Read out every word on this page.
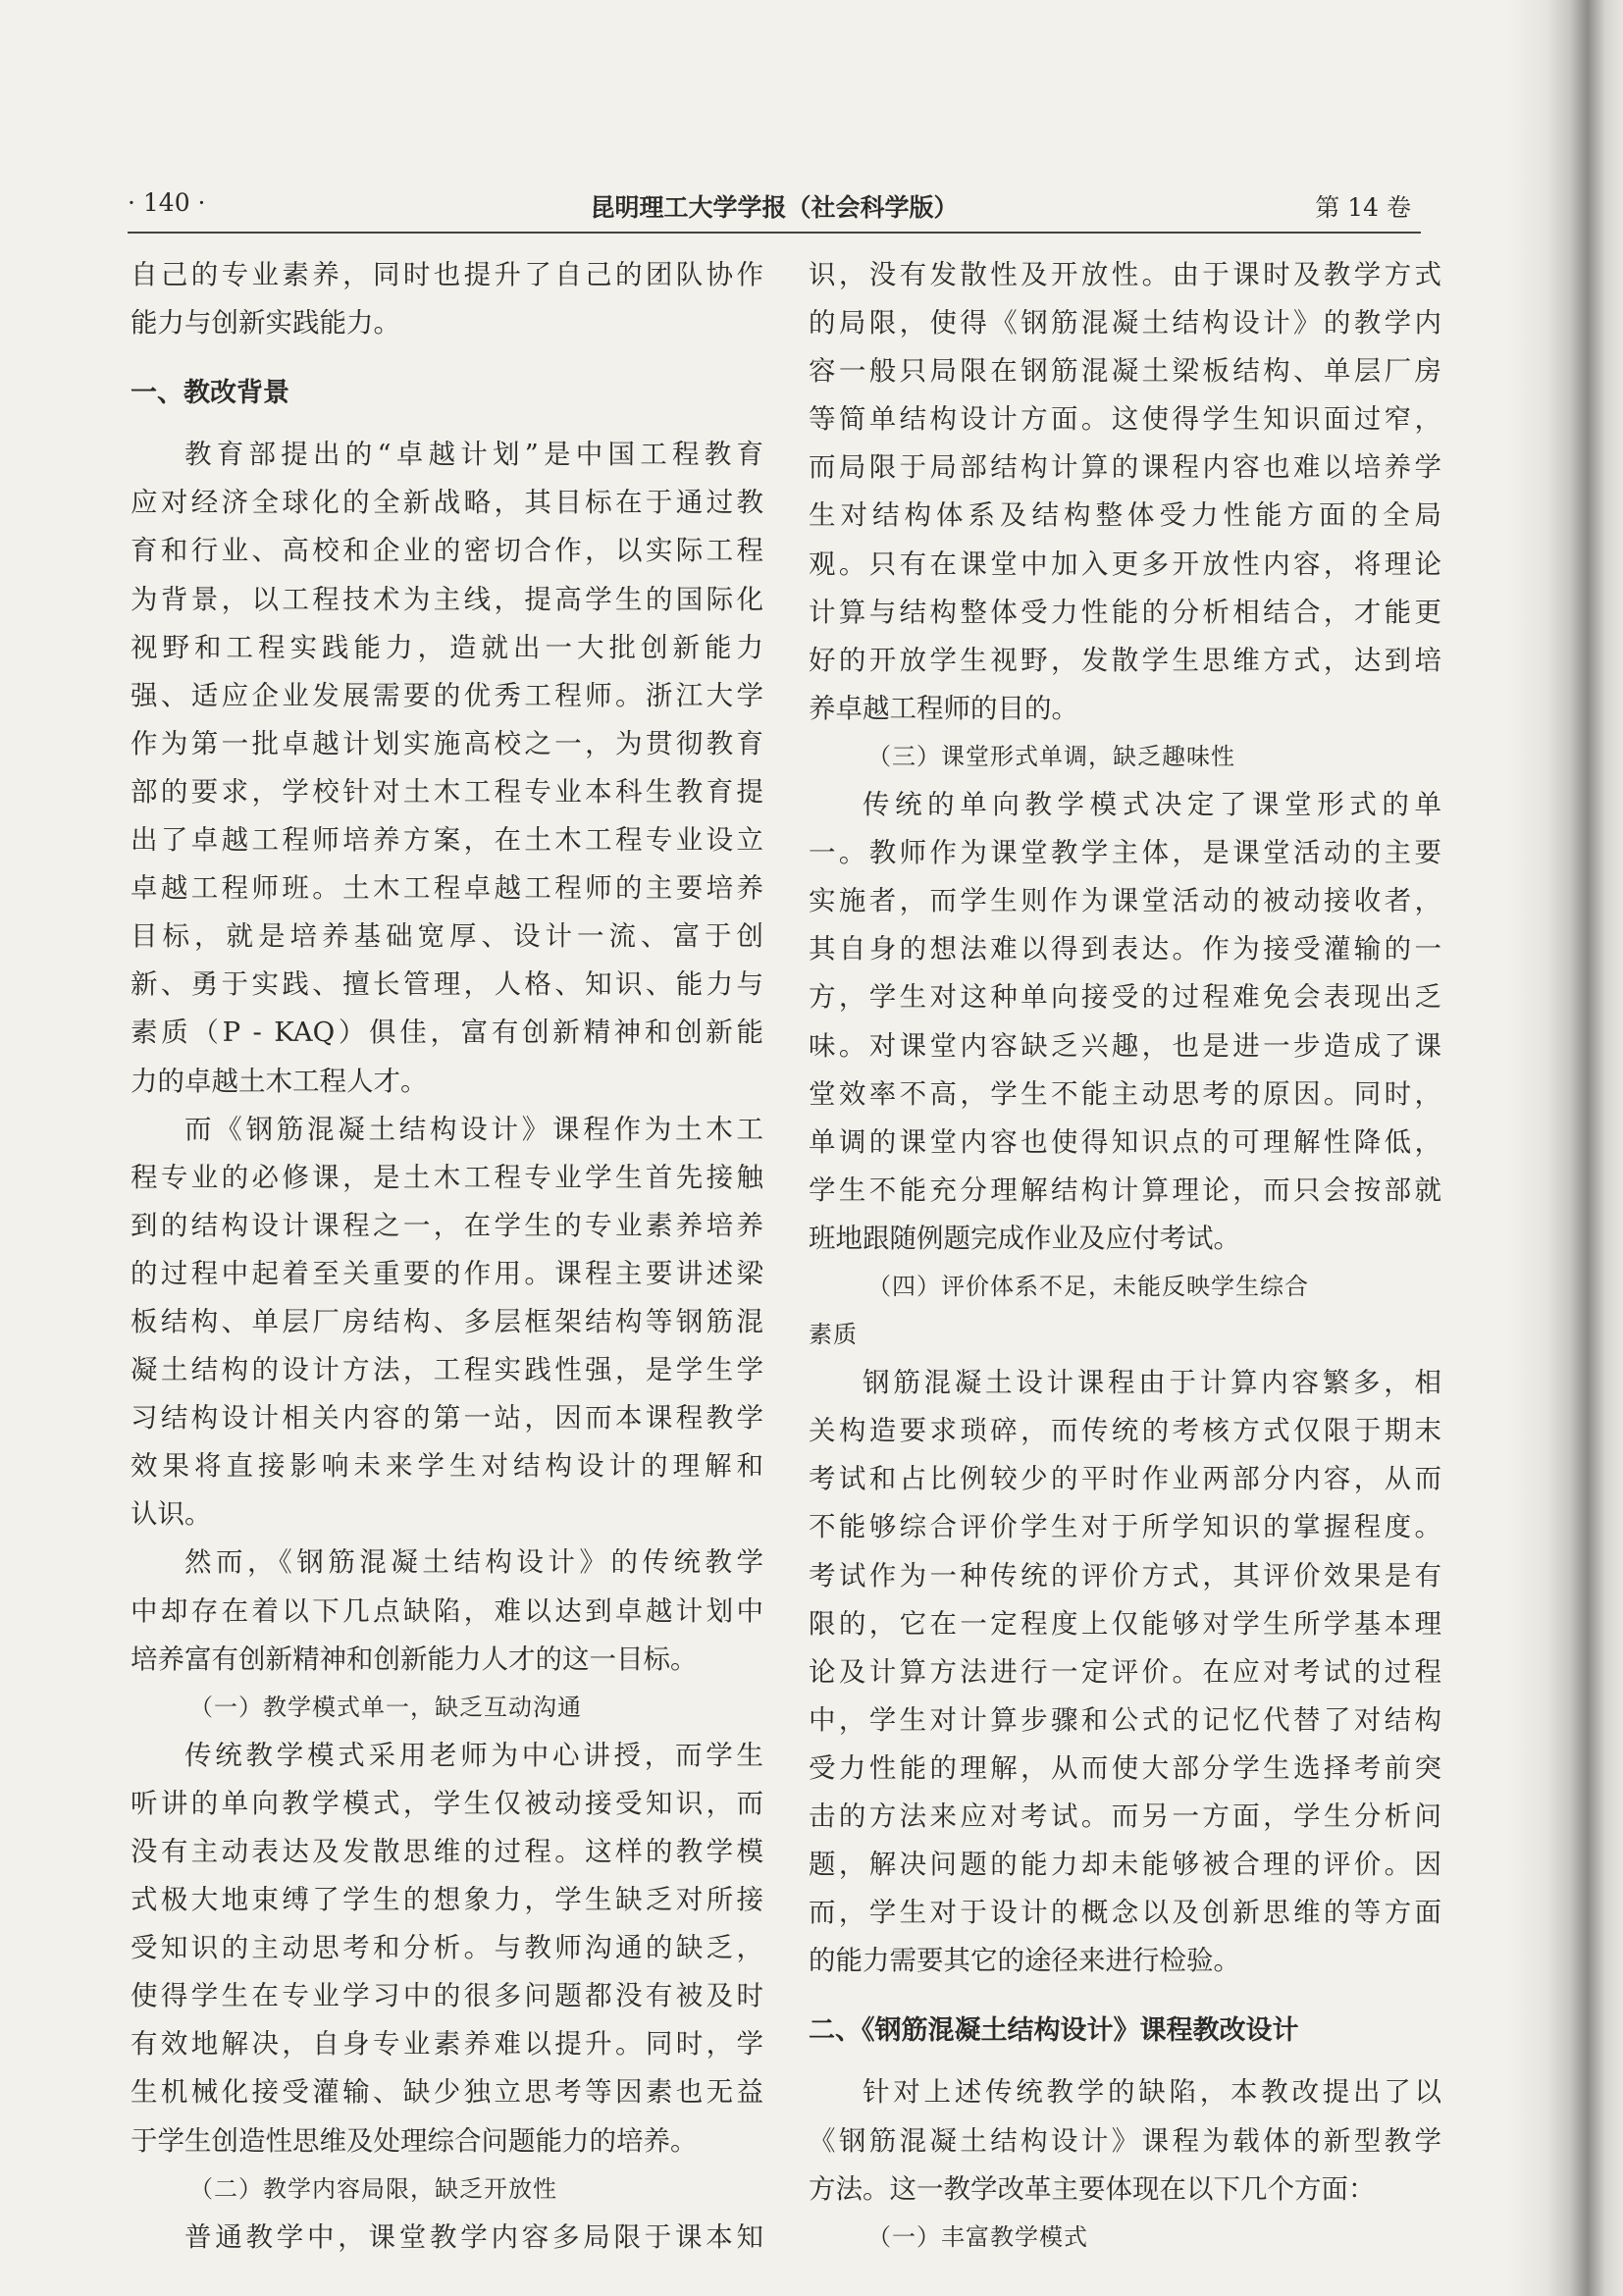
· 140 ·	昆明理工大学学报（社会科学版）	第 14 卷
自己的专业素养，同时也提升了自己的团队协作
能力与创新实践能力。
一、教改背景
教育部提出的“卓越计划”是中国工程教育
应对经济全球化的全新战略，其目标在于通过教
育和行业、高校和企业的密切合作，以实际工程
为背景，以工程技术为主线，提高学生的国际化
视野和工程实践能力，造就出一大批创新能力
强、适应企业发展需要的优秀工程师。浙江大学
作为第一批卓越计划实施高校之一，为贯彻教育
部的要求，学校针对土木工程专业本科生教育提
出了卓越工程师培养方案，在土木工程专业设立
卓越工程师班。土木工程卓越工程师的主要培养
目标，就是培养基础宽厚、设计一流、富于创
新、勇于实践、擅长管理，人格、知识、能力与
素质（P - KAQ）俱佳，富有创新精神和创新能
力的卓越土木工程人才。
而《钢筋混凝土结构设计》课程作为土木工
程专业的必修课，是土木工程专业学生首先接触
到的结构设计课程之一，在学生的专业素养培养
的过程中起着至关重要的作用。课程主要讲述梁
板结构、单层厂房结构、多层框架结构等钢筋混
凝土结构的设计方法，工程实践性强，是学生学
习结构设计相关内容的第一站，因而本课程教学
效果将直接影响未来学生对结构设计的理解和
认识。
然而，《钢筋混凝土结构设计》的传统教学
中却存在着以下几点缺陷，难以达到卓越计划中
培养富有创新精神和创新能力人才的这一目标。
（一）教学模式单一，缺乏互动沟通
传统教学模式采用老师为中心讲授，而学生
听讲的单向教学模式，学生仅被动接受知识，而
没有主动表达及发散思维的过程。这样的教学模
式极大地束缚了学生的想象力，学生缺乏对所接
受知识的主动思考和分析。与教师沟通的缺乏，
使得学生在专业学习中的很多问题都没有被及时
有效地解决，自身专业素养难以提升。同时，学
生机械化接受灌输、缺少独立思考等因素也无益
于学生创造性思维及处理综合问题能力的培养。
（二）教学内容局限，缺乏开放性
普通教学中，课堂教学内容多局限于课本知
识，没有发散性及开放性。由于课时及教学方式
的局限，使得《钢筋混凝土结构设计》的教学内
容一般只局限在钢筋混凝土梁板结构、单层厂房
等简单结构设计方面。这使得学生知识面过窄，
而局限于局部结构计算的课程内容也难以培养学
生对结构体系及结构整体受力性能方面的全局
观。只有在课堂中加入更多开放性内容，将理论
计算与结构整体受力性能的分析相结合，才能更
好的开放学生视野，发散学生思维方式，达到培
养卓越工程师的目的。
（三）课堂形式单调，缺乏趣味性
传统的单向教学模式决定了课堂形式的单
一。教师作为课堂教学主体，是课堂活动的主要
实施者，而学生则作为课堂活动的被动接收者，
其自身的想法难以得到表达。作为接受灌输的一
方，学生对这种单向接受的过程难免会表现出乏
味。对课堂内容缺乏兴趣，也是进一步造成了课
堂效率不高，学生不能主动思考的原因。同时，
单调的课堂内容也使得知识点的可理解性降低，
学生不能充分理解结构计算理论，而只会按部就
班地跟随例题完成作业及应付考试。
（四）评价体系不足，未能反映学生综合
素质
钢筋混凝土设计课程由于计算内容繁多，相
关构造要求琐碎，而传统的考核方式仅限于期末
考试和占比例较少的平时作业两部分内容，从而
不能够综合评价学生对于所学知识的掌握程度。
考试作为一种传统的评价方式，其评价效果是有
限的，它在一定程度上仅能够对学生所学基本理
论及计算方法进行一定评价。在应对考试的过程
中，学生对计算步骤和公式的记忆代替了对结构
受力性能的理解，从而使大部分学生选择考前突
击的方法来应对考试。而另一方面，学生分析问
题，解决问题的能力却未能够被合理的评价。因
而，学生对于设计的概念以及创新思维的等方面
的能力需要其它的途径来进行检验。
二、《钢筋混凝土结构设计》课程教改设计
针对上述传统教学的缺陷，本教改提出了以
《钢筋混凝土结构设计》课程为载体的新型教学
方法。这一教学改革主要体现在以下几个方面：
（一）丰富教学模式
